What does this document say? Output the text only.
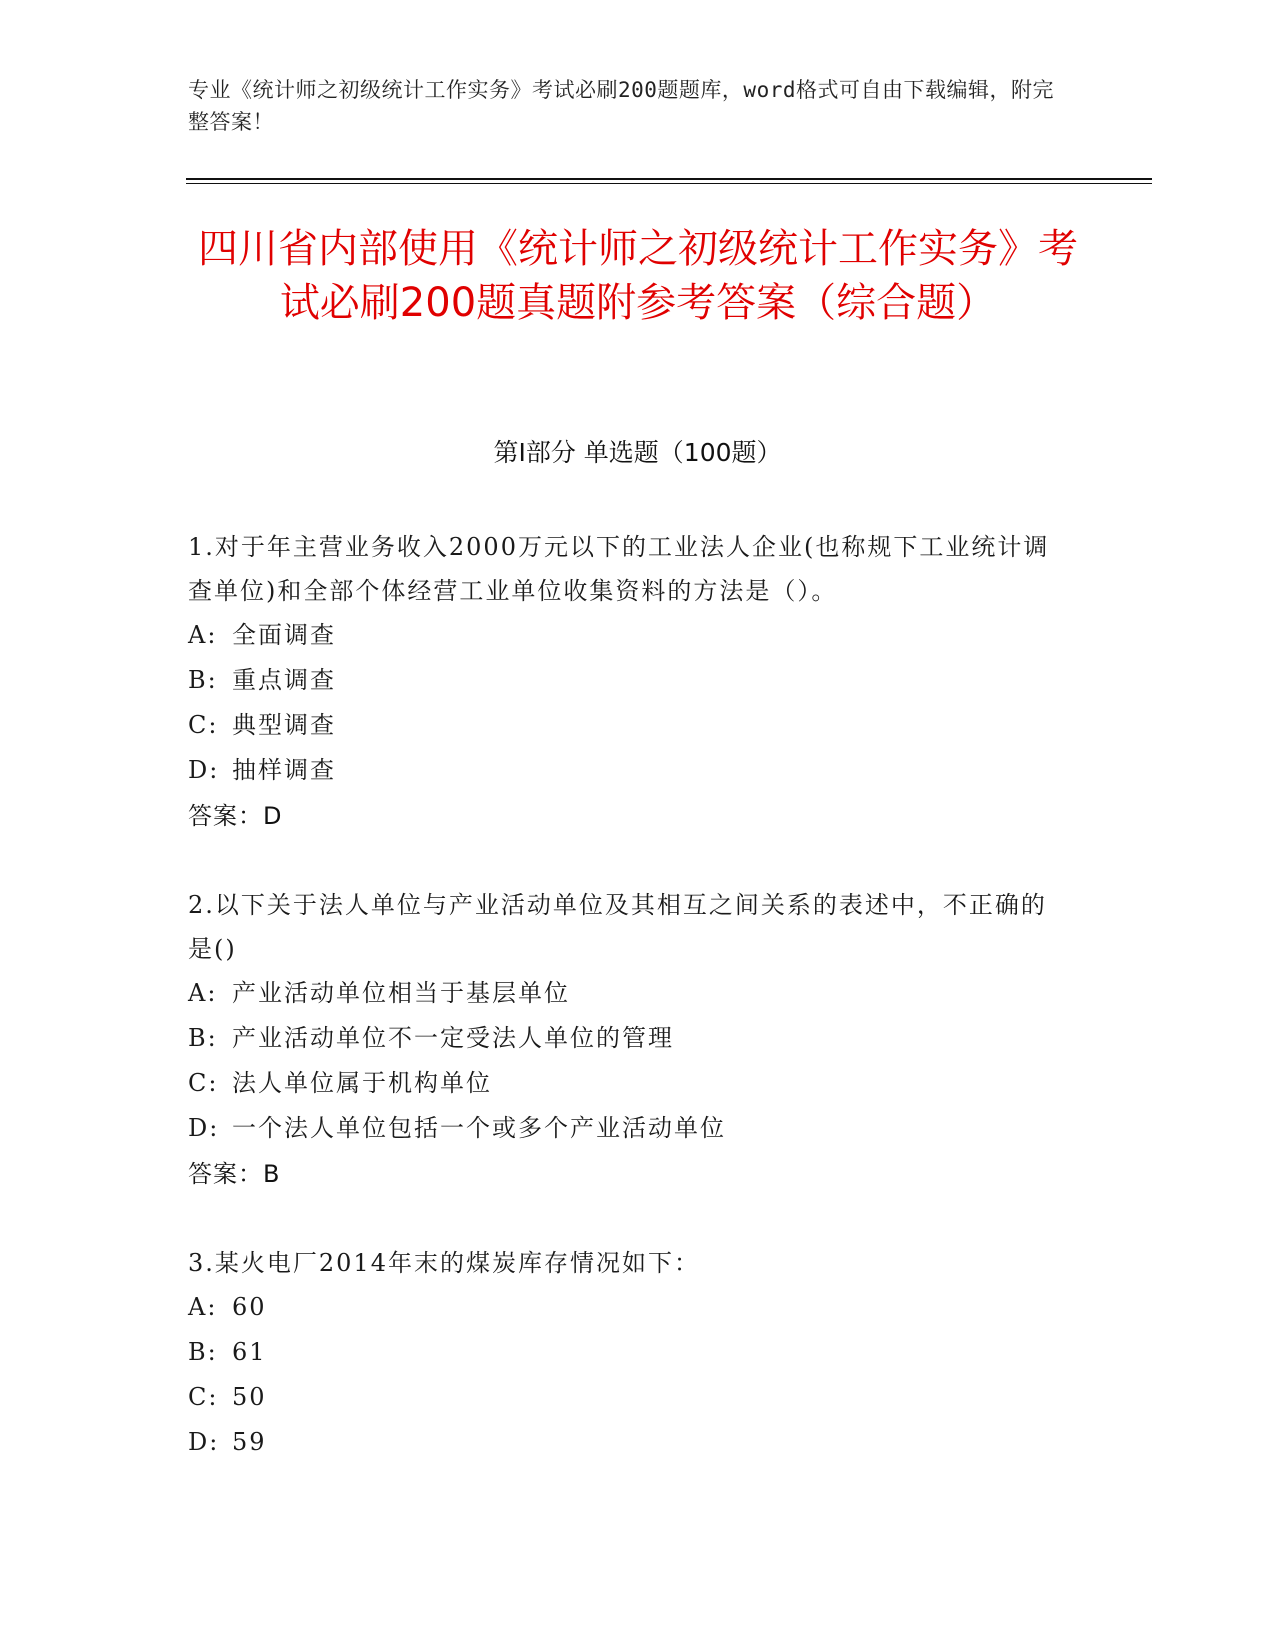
专业《统计师之初级统计工作实务》考试必刷200题题库，word格式可自由下载编辑，附完整答案！
四川省内部使用《统计师之初级统计工作实务》考试必刷200题真题附参考答案（综合题）
第I部分 单选题（100题）
1.对于年主营业务收入2000万元以下的工业法人企业(也称规下工业统计调查单位)和全部个体经营工业单位收集资料的方法是（）。
A: 全面调查
B: 重点调查
C: 典型调查
D: 抽样调查
答案：D
2.以下关于法人单位与产业活动单位及其相互之间关系的表述中，不正确的是()
A: 产业活动单位相当于基层单位
B: 产业活动单位不一定受法人单位的管理
C: 法人单位属于机构单位
D: 一个法人单位包括一个或多个产业活动单位
答案：B
3.某火电厂2014年末的煤炭库存情况如下：
A: 60
B: 61
C: 50
D: 59
